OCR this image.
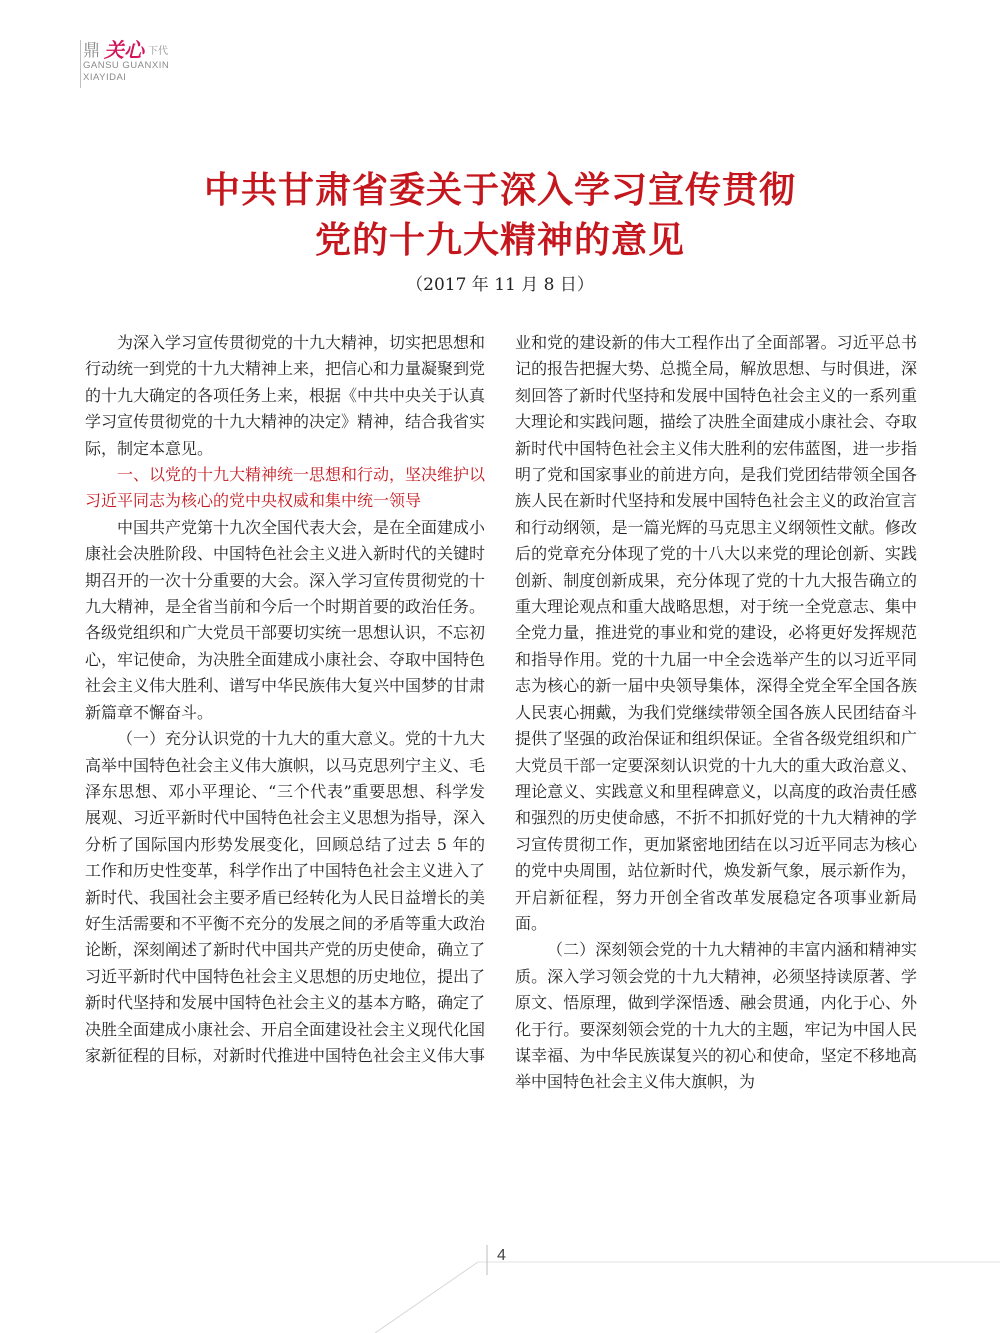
鼎 关心 下代
GANSU GUANXIN
XIAYIDAI
中共甘肃省委关于深入学习宣传贯彻
党的十九大精神的意见
（2017 年 11 月 8 日）

为深入学习宣传贯彻党的十九大精神，切实把思想和行动统一到党的十九大精神上来，把信心和力量凝聚到党的十九大确定的各项任务上来，根据《中共中央关于认真学习宣传贯彻党的十九大精神的决定》精神，结合我省实际，制定本意见。

一、以党的十九大精神统一思想和行动，坚决维护以习近平同志为核心的党中央权威和集中统一领导

中国共产党第十九次全国代表大会，是在全面建成小康社会决胜阶段、中国特色社会主义进入新时代的关键时期召开的一次十分重要的大会。深入学习宣传贯彻党的十九大精神，是全省当前和今后一个时期首要的政治任务。各级党组织和广大党员干部要切实统一思想认识，不忘初心，牢记使命，为决胜全面建成小康社会、夺取中国特色社会主义伟大胜利、谱写中华民族伟大复兴中国梦的甘肃新篇章不懈奋斗。

（一）充分认识党的十九大的重大意义。党的十九大高举中国特色社会主义伟大旗帜，以马克思列宁主义、毛泽东思想、邓小平理论、“三个代表”重要思想、科学发展观、习近平新时代中国特色社会主义思想为指导，深入分析了国际国内形势发展变化，回顾总结了过去 5 年的工作和历史性变革，科学作出了中国特色社会主义进入了新时代、我国社会主要矛盾已经转化为人民日益增长的美好生活需要和不平衡不充分的发展之间的矛盾等重大政治论断，深刻阐述了新时代中国共产党的历史使命，确立了习近平新时代中国特色社会主义思想的历史地位，提出了新时代坚持和发展中国特色社会主义的基本方略，确定了决胜全面建成小康社会、开启全面建设社会主义现代化国家新征程的目标，对新时代推进中国特色社会主义伟大事

业和党的建设新的伟大工程作出了全面部署。习近平总书记的报告把握大势、总揽全局，解放思想、与时俱进，深刻回答了新时代坚持和发展中国特色社会主义的一系列重大理论和实践问题，描绘了决胜全面建成小康社会、夺取新时代中国特色社会主义伟大胜利的宏伟蓝图，进一步指明了党和国家事业的前进方向，是我们党团结带领全国各族人民在新时代坚持和发展中国特色社会主义的政治宣言和行动纲领，是一篇光辉的马克思主义纲领性文献。修改后的党章充分体现了党的十八大以来党的理论创新、实践创新、制度创新成果，充分体现了党的十九大报告确立的重大理论观点和重大战略思想，对于统一全党意志、集中全党力量，推进党的事业和党的建设，必将更好发挥规范和指导作用。党的十九届一中全会选举产生的以习近平同志为核心的新一届中央领导集体，深得全党全军全国各族人民衷心拥戴，为我们党继续带领全国各族人民团结奋斗提供了坚强的政治保证和组织保证。全省各级党组织和广大党员干部一定要深刻认识党的十九大的重大政治意义、理论意义、实践意义和里程碑意义，以高度的政治责任感和强烈的历史使命感，不折不扣抓好党的十九大精神的学习宣传贯彻工作，更加紧密地团结在以习近平同志为核心的党中央周围，站位新时代，焕发新气象，展示新作为，开启新征程，努力开创全省改革发展稳定各项事业新局面。

（二）深刻领会党的十九大精神的丰富内涵和精神实质。深入学习领会党的十九大精神，必须坚持读原著、学原文、悟原理，做到学深悟透、融会贯通，内化于心、外化于行。要深刻领会党的十九大的主题，牢记为中国人民谋幸福、为中华民族谋复兴的初心和使命，坚定不移地高举中国特色社会主义伟大旗帜，为

4
